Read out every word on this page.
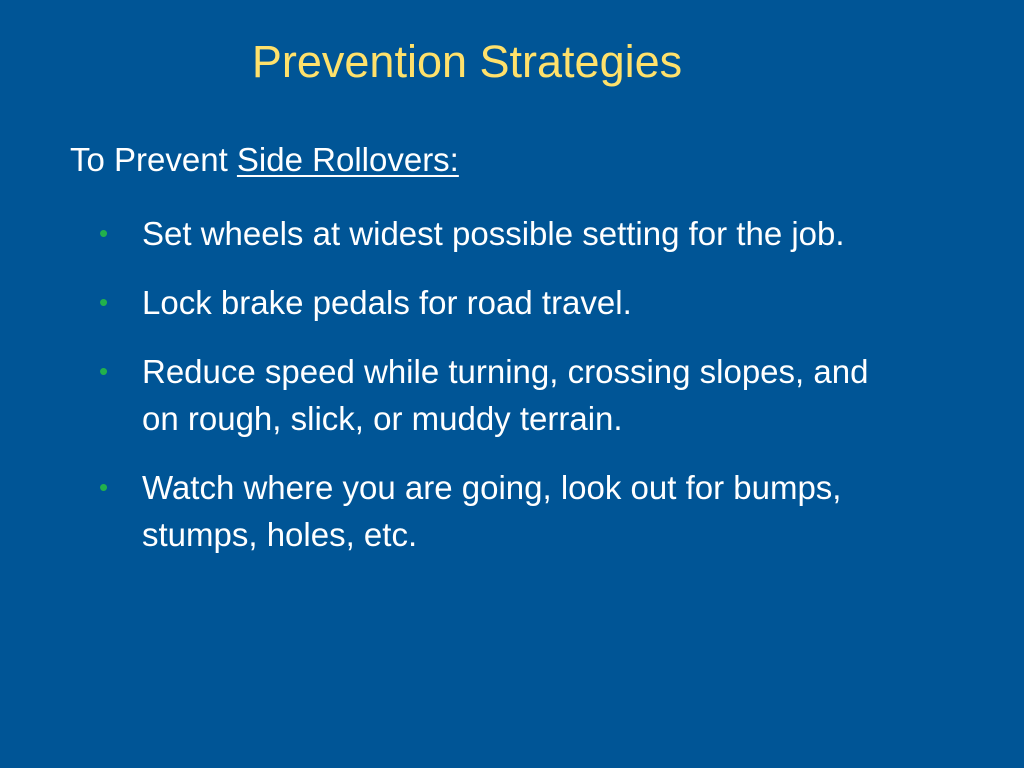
Prevention Strategies
To Prevent Side Rollovers:
• Set wheels at widest possible setting for the job.
• Lock brake pedals for road travel.
• Reduce speed while turning, crossing slopes, and on rough, slick, or muddy terrain.
• Watch where you are going, look out for bumps, stumps, holes, etc.
